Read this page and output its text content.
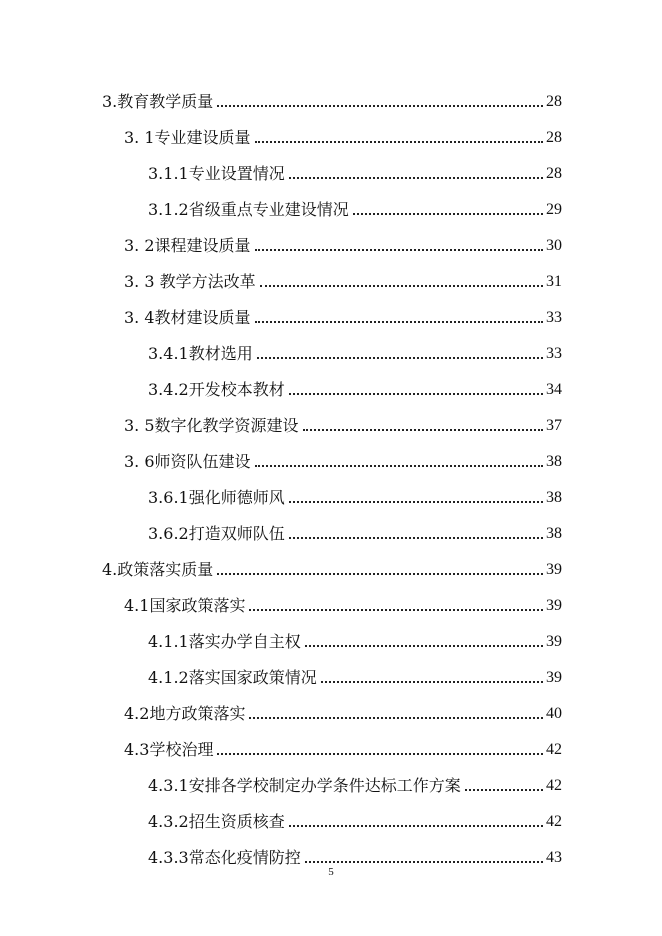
3.教育教学质量	28
3. 1专业建设质量	28
3.1.1专业设置情况	28
3.1.2省级重点专业建设情况	29
3. 2课程建设质量	30
3. 3 教学方法改革	31
3. 4教材建设质量	33
3.4.1教材选用	33
3.4.2开发校本教材	34
3. 5数字化教学资源建设	37
3. 6师资队伍建设	38
3.6.1强化师德师风	38
3.6.2打造双师队伍	38
4.政策落实质量	39
4.1国家政策落实	39
4.1.1落实办学自主权	39
4.1.2落实国家政策情况	39
4.2地方政策落实	40
4.3学校治理	42
4.3.1安排各学校制定办学条件达标工作方案	42
4.3.2招生资质核查	42
4.3.3常态化疫情防控	43
5
